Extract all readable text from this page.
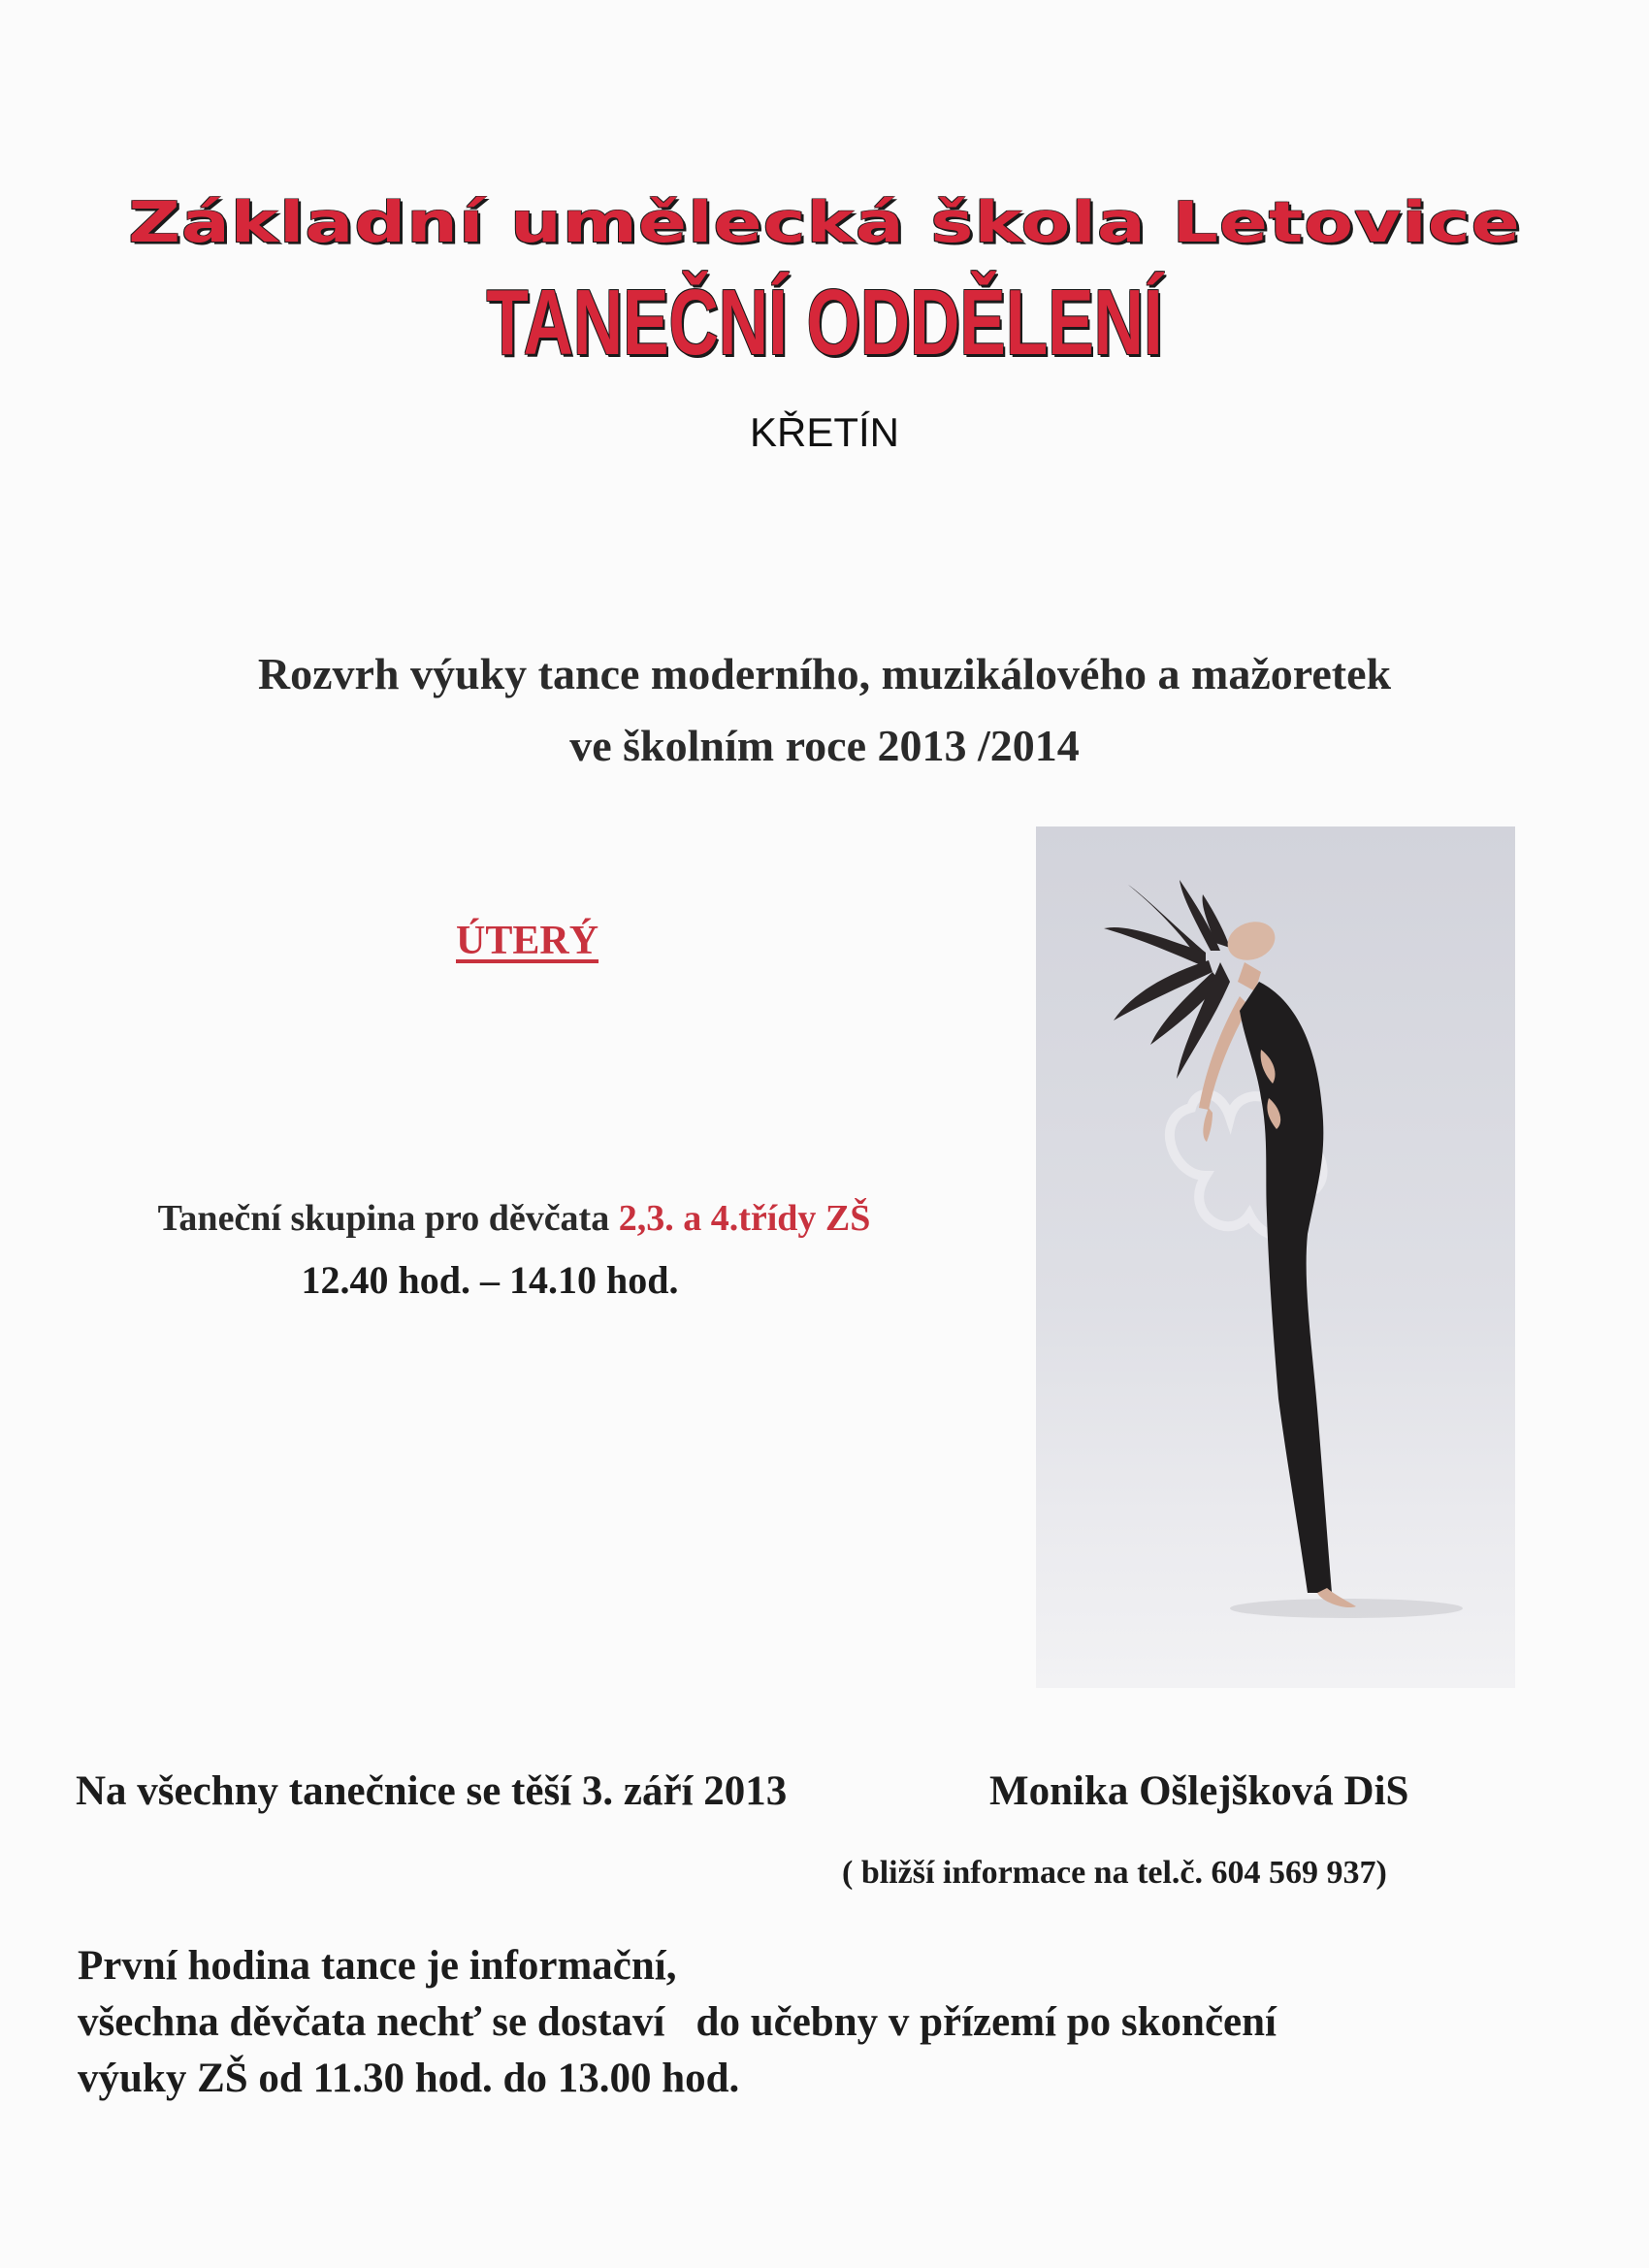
Základní umělecká škola Letovice
TANEČNÍ ODDĚLENÍ
KŘETÍN
Rozvrh výuky tance moderního, muzikálového a mažoretek
ve školním roce 2013 /2014
ÚTERÝ
Taneční skupina pro děvčata 2,3. a 4.třídy ZŠ
12.40 hod. – 14.10 hod.
Na všechny tanečnice se těší 3. září 2013	Monika Ošlejšková DiS
( bližší informace na tel.č. 604 569 937)
První hodina tance je informační,
všechna děvčata nechť se dostaví   do učebny v přízemí po skončení
výuky ZŠ od 11.30 hod. do 13.00 hod.
